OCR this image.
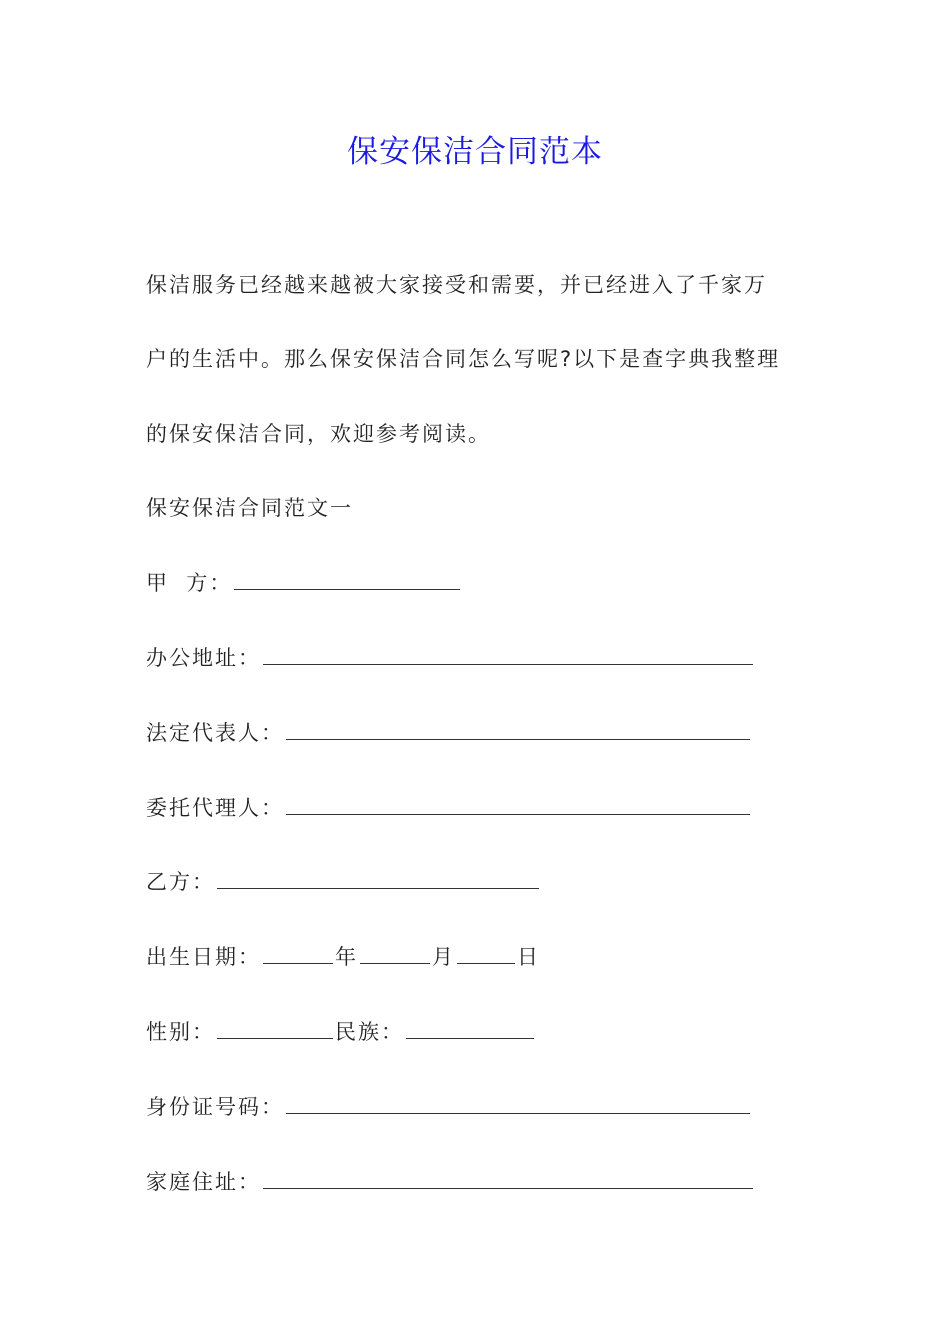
保安保洁合同范本
保洁服务已经越来越被大家接受和需要，并已经进入了千家万
户的生活中。那么保安保洁合同怎么写呢?以下是查字典我整理
的保安保洁合同，欢迎参考阅读。
保安保洁合同范文一
甲  方：
办公地址：
法定代表人：
委托代理人：
乙方：
出生日期：	年	月	日
性别：	民族：
身份证号码：
家庭住址：
